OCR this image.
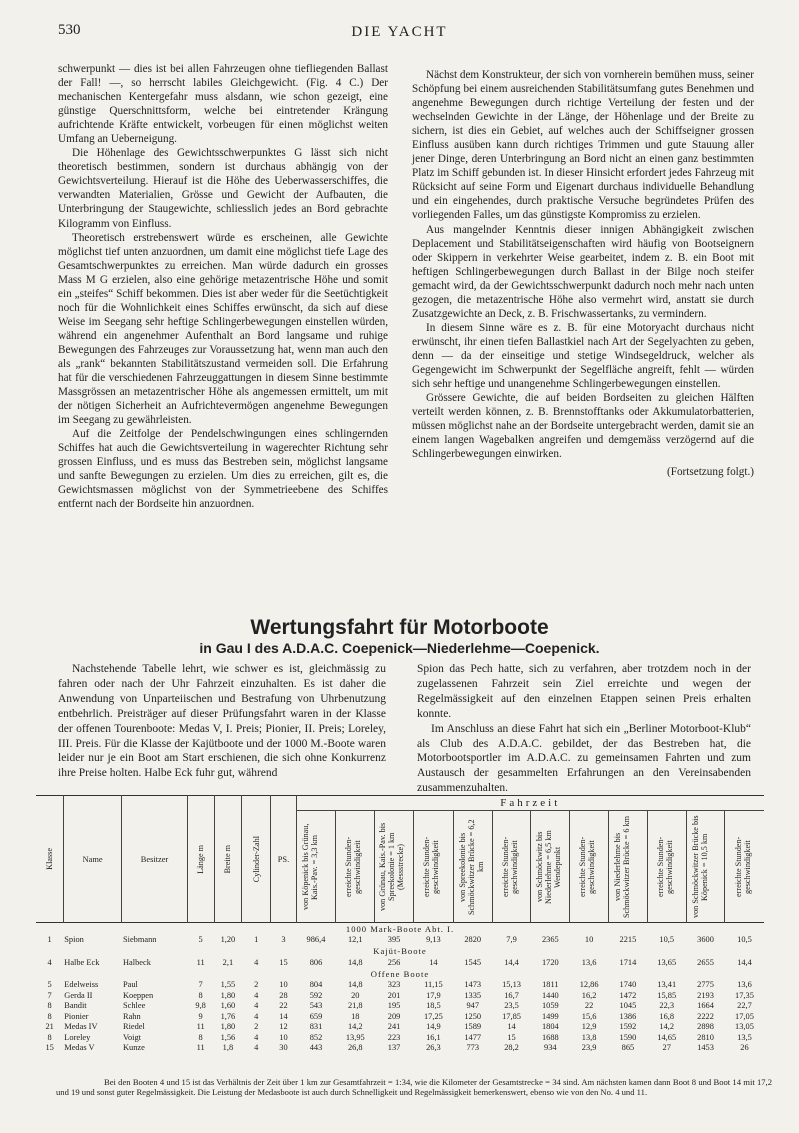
530	DIE YACHT

schwerpunkt — dies ist bei allen Fahrzeugen ohne tiefliegenden Ballast der Fall! —, so herrscht labiles Gleichgewicht. (Fig. 4 C.) Der mechanischen Kentergefahr muss alsdann, wie schon gezeigt, eine günstige Querschnittsform, welche bei eintretender Krängung aufrichtende Kräfte entwickelt, vorbeugen für einen möglichst weiten Umfang an Ueberneigung.

Die Höhenlage des Gewichtsschwerpunktes G lässt sich nicht theoretisch bestimmen, sondern ist durchaus abhängig von der Gewichtsverteilung. Hierauf ist die Höhe des Ueberwasserschiffes, die verwandten Materialien, Grösse und Gewicht der Aufbauten, die Unterbringung der Staugewichte, schliesslich jedes an Bord gebrachte Kilogramm von Einfluss.

Theoretisch erstrebenswert würde es erscheinen, alle Gewichte möglichst tief unten anzuordnen, um damit eine möglichst tiefe Lage des Gesamtschwerpunktes zu erreichen. Man würde dadurch ein grosses Mass M G erzielen, also eine gehörige metazentrische Höhe und somit ein „steifes“ Schiff bekommen. Dies ist aber weder für die Seetüchtigkeit noch für die Wohnlichkeit eines Schiffes erwünscht, da sich auf diese Weise im Seegang sehr heftige Schlingerbewegungen einstellen würden, während ein angenehmer Aufenthalt an Bord langsame und ruhige Bewegungen des Fahrzeuges zur Voraussetzung hat, wenn man auch den als „rank“ bekannten Stabilitätszustand vermeiden soll. Die Erfahrung hat für die verschiedenen Fahrzeuggattungen in diesem Sinne bestimmte Massgrössen an metazentrischer Höhe als angemessen ermittelt, um mit der nötigen Sicherheit an Aufrichtevermögen angenehme Bewegungen im Seegang zu gewährleisten.

Auf die Zeitfolge der Pendelschwingungen eines schlingernden Schiffes hat auch die Gewichtsverteilung in wagerechter Richtung sehr grossen Einfluss, und es muss das Bestreben sein, möglichst langsame und sanfte Bewegungen zu erzielen. Um dies zu erreichen, gilt es, die Gewichtsmassen möglichst von der Symmetrieebene des Schiffes entfernt nach der Bordseite hin anzuordnen.

Nächst dem Konstrukteur, der sich von vornherein bemühen muss, seiner Schöpfung bei einem ausreichenden Stabilitätsumfang gutes Benehmen und angenehme Bewegungen durch richtige Verteilung der festen und der wechselnden Gewichte in der Länge, der Höhenlage und der Breite zu sichern, ist dies ein Gebiet, auf welches auch der Schiffseigner grossen Einfluss ausüben kann durch richtiges Trimmen und gute Stauung aller jener Dinge, deren Unterbringung an Bord nicht an einen ganz bestimmten Platz im Schiff gebunden ist. In dieser Hinsicht erfordert jedes Fahrzeug mit Rücksicht auf seine Form und Eigenart durchaus individuelle Behandlung und ein eingehendes, durch praktische Versuche begründetes Prüfen des vorliegenden Falles, um das günstigste Kompromiss zu erzielen.

Aus mangelnder Kenntnis dieser innigen Abhängigkeit zwischen Deplacement und Stabilitätseigenschaften wird häufig von Bootseignern oder Skippern in verkehrter Weise gearbeitet, indem z. B. ein Boot mit heftigen Schlingerbewegungen durch Ballast in der Bilge noch steifer gemacht wird, da der Gewichtsschwerpunkt dadurch noch mehr nach unten gezogen, die metazentrische Höhe also vermehrt wird, anstatt sie durch Zusatzgewichte an Deck, z. B. Frischwassertanks, zu vermindern.

In diesem Sinne wäre es z. B. für eine Motoryacht durchaus nicht erwünscht, ihr einen tiefen Ballastkiel nach Art der Segelyachten zu geben, denn — da der einseitige und stetige Windsegeldruck, welcher als Gegengewicht im Schwerpunkt der Segelfläche angreift, fehlt — würden sich sehr heftige und unangenehme Schlingerbewegungen einstellen.

Grössere Gewichte, die auf beiden Bordseiten zu gleichen Hälften verteilt werden können, z. B. Brennstofftanks oder Akkumulatorbatterien, müssen möglichst nahe an der Bordseite untergebracht werden, damit sie an einem langen Wagebalken angreifen und demgemäss verzögernd auf die Schlingerbewegungen einwirken.

(Fortsetzung folgt.)

Wertungsfahrt für Motorboote
in Gau I des A.D.A.C. Coepenick—Niederlehme—Coepenick.

Nachstehende Tabelle lehrt, wie schwer es ist, gleichmässig zu fahren oder nach der Uhr Fahrzeit einzuhalten. Es ist daher die Anwendung von Unparteiischen und Bestrafung von Uhrbenutzung entbehrlich. Preisträger auf dieser Prüfungsfahrt waren in der Klasse der offenen Tourenboote: Medas V, I. Preis; Pionier, II. Preis; Loreley, III. Preis. Für die Klasse der Kajütboote und der 1000 M.-Boote waren leider nur je ein Boot am Start erschienen, die sich ohne Konkurrenz ihre Preise holten. Halbe Eck fuhr gut, während

Spion das Pech hatte, sich zu verfahren, aber trotzdem noch in der zugelassenen Fahrzeit sein Ziel erreichte und wegen der Regelmässigkeit auf den einzelnen Etappen seinen Preis erhalten konnte.

Im Anschluss an diese Fahrt hat sich ein „Berliner Motorboot-Klub“ als Club des A.D.A.C. gebildet, der das Bestreben hat, die Motorbootsportler im A.D.A.C. zu gemeinsamen Fahrten und zum Austausch der gesammelten Erfahrungen an den Vereinsabenden zusammenzuhalten.

Klasse	Name	Besitzer	Länge m	Breite m	Cylinder-Zahl	PS.	Fahrzeit											

							von Köpenick bis Grünau, Kais.-Pav. = 3,3 km	erreichte Stunden-geschwindigkeit	von Grünau, Kais.-Pav. bis Spreekolonie = 1 km (Messstrecke)	erreichte Stunden-geschwindigkeit	von Spreekolonie bis Schmöckwitzer Brücke = 6,2 km	erreichte Stunden-geschwindigkeit	von Schmöckwitz bis Niederlehme = 6,5 km Wendepunkt	erreichte Stunden-geschwindigkeit	von Niederlehme bis Schmöckwitzer Brücke = 6 km	erreichte Stunden-geschwindigkeit	von Schmöckwitzer Brücke bis Köpenick = 10,5 km	erreichte Stunden-geschwindigkeit

1000 Mark-Boote Abt. I.																		
1	Spion	Siebmann	5	1,20	1	3	986,4	12,1	395	9,13	2820	7,9	2365	10	2215	10,5	3600	10,5
Kajüt-Boote																		
4	Halbe Eck	Halbeck	11	2,1	4	15	806	14,8	256	14	1545	14,4	1720	13,6	1714	13,65	2655	14,4
Offene Boote																		
5	Edelweiss	Paul	7	1,55	2	10	804	14,8	323	11,15	1473	15,13	1811	12,86	1740	13,41	2775	13,6
7	Gerda II	Koeppen	8	1,80	4	28	592	20	201	17,9	1335	16,7	1440	16,2	1472	15,85	2193	17,35
8	Bandit	Schlee	9,8	1,60	4	22	543	21,8	195	18,5	947	23,5	1059	22	1045	22,3	1664	22,7
8	Pionier	Rahn	9	1,76	4	14	659	18	209	17,25	1250	17,85	1499	15,6	1386	16,8	2222	17,05
21	Medas IV	Riedel	11	1,80	2	12	831	14,2	241	14,9	1589	14	1804	12,9	1592	14,2	2898	13,05
8	Loreley	Voigt	8	1,56	4	10	852	13,95	223	16,1	1477	15	1688	13,8	1590	14,65	2810	13,5
15	Medas V	Kunze	11	1,8	4	30	443	26,8	137	26,3	773	28,2	934	23,9	865	27	1453	26

Bei den Booten 4 und 15 ist das Verhältnis der Zeit über 1 km zur Gesamtfahrzeit = 1:34, wie die Kilometer der Gesamtstrecke = 34 sind. Am nächsten kamen dann Boot 8 und Boot 14 mit 17,2 und 19 und sonst guter Regelmässigkeit. Die Leistung der Medasboote ist auch durch Schnelligkeit und Regelmässigkeit bemerkenswert, ebenso wie von den No. 4 und 11.
